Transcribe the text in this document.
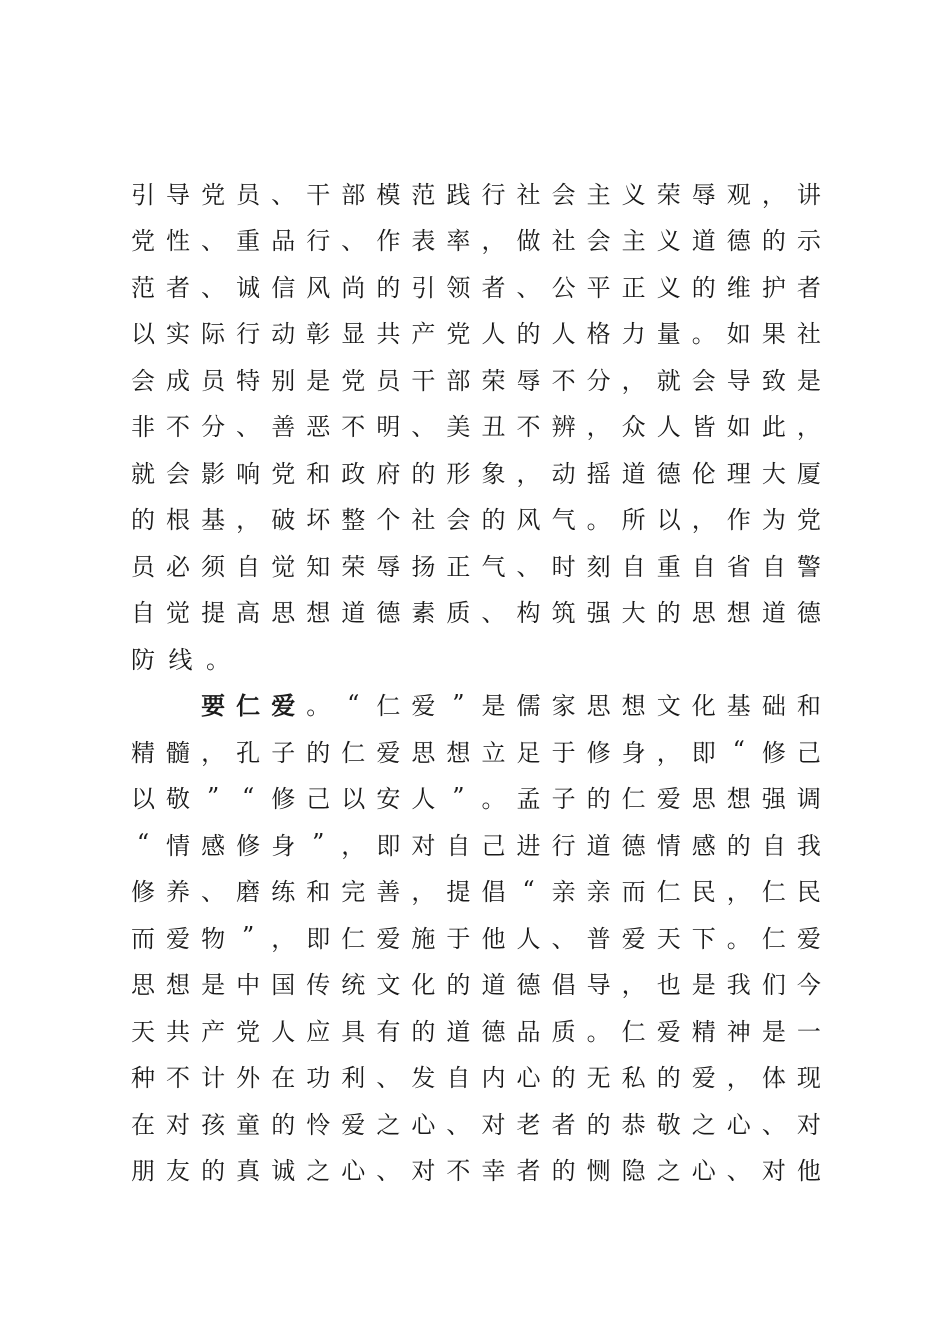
引 导 党 员 、 干 部 模 范 践 行 社 会 主 义 荣 辱 观 ， 讲
党 性 、 重 品 行 、 作 表 率 ， 做 社 会 主 义 道 德 的 示
范 者 、 诚 信 风 尚 的 引 领 者 、 公 平 正 义 的 维 护 者
以 实 际 行 动 彰 显 共 产 党 人 的 人 格 力 量 。 如 果 社
会 成 员 特 别 是 党 员 干 部 荣 辱 不 分 ， 就 会 导 致 是
非 不 分 、 善 恶 不 明 、 美 丑 不 辨 ， 众 人 皆 如 此 ，
就 会 影 响 党 和 政 府 的 形 象 ， 动 摇 道 德 伦 理 大 厦
的 根 基 ， 破 坏 整 个 社 会 的 风 气 。 所 以 ， 作 为 党
员 必 须 自 觉 知 荣 辱 扬 正 气 、 时 刻 自 重 自 省 自 警
自 觉 提 高 思 想 道 德 素 质 、 构 筑 强 大 的 思 想 道 德
防 线 。

要 仁 爱 。 “ 仁 爱 ” 是 儒 家 思 想 文 化 基 础 和
精 髓 ， 孔 子 的 仁 爱 思 想 立 足 于 修 身 ， 即 “ 修 己
以 敬 ” “ 修 己 以 安 人 ” 。 孟 子 的 仁 爱 思 想 强 调
“ 情 感 修 身 ” ， 即 对 自 己 进 行 道 德 情 感 的 自 我
修 养 、 磨 练 和 完 善 ， 提 倡 “ 亲 亲 而 仁 民 ， 仁 民
而 爱 物 ” ， 即 仁 爱 施 于 他 人 、 普 爱 天 下 。 仁 爱
思 想 是 中 国 传 统 文 化 的 道 德 倡 导 ， 也 是 我 们 今
天 共 产 党 人 应 具 有 的 道 德 品 质 。 仁 爱 精 神 是 一
种 不 计 外 在 功 利 、 发 自 内 心 的 无 私 的 爱 ， 体 现
在 对 孩 童 的 怜 爱 之 心 、 对 老 者 的 恭 敬 之 心 、 对
朋 友 的 真 诚 之 心 、 对 不 幸 者 的 恻 隐 之 心 、 对 他
